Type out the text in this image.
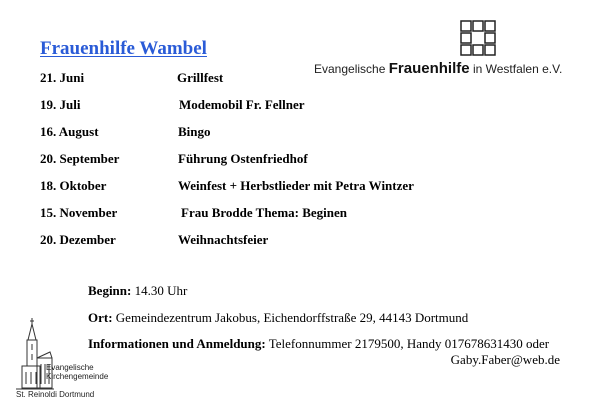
Frauenhilfe Wambel
Evangelische Frauenhilfe in Westfalen e.V.
21. Juni	Grillfest
19. Juli	Modemobil Fr. Fellner
16. August	Bingo
20. September	Führung Ostenfriedhof
18. Oktober	Weinfest + Herbstlieder mit Petra Wintzer
15. November	Frau Brodde Thema: Beginen
20. Dezember	Weihnachtsfeier
Beginn: 14.30 Uhr
Ort: Gemeindezentrum Jakobus, Eichendorffstraße 29, 44143 Dortmund
Informationen und Anmeldung: Telefonnummer 2179500, Handy 017678631430 oder
Gaby.Faber@web.de
Evangelische
Kirchengemeinde
St. Reinoldi Dortmund
